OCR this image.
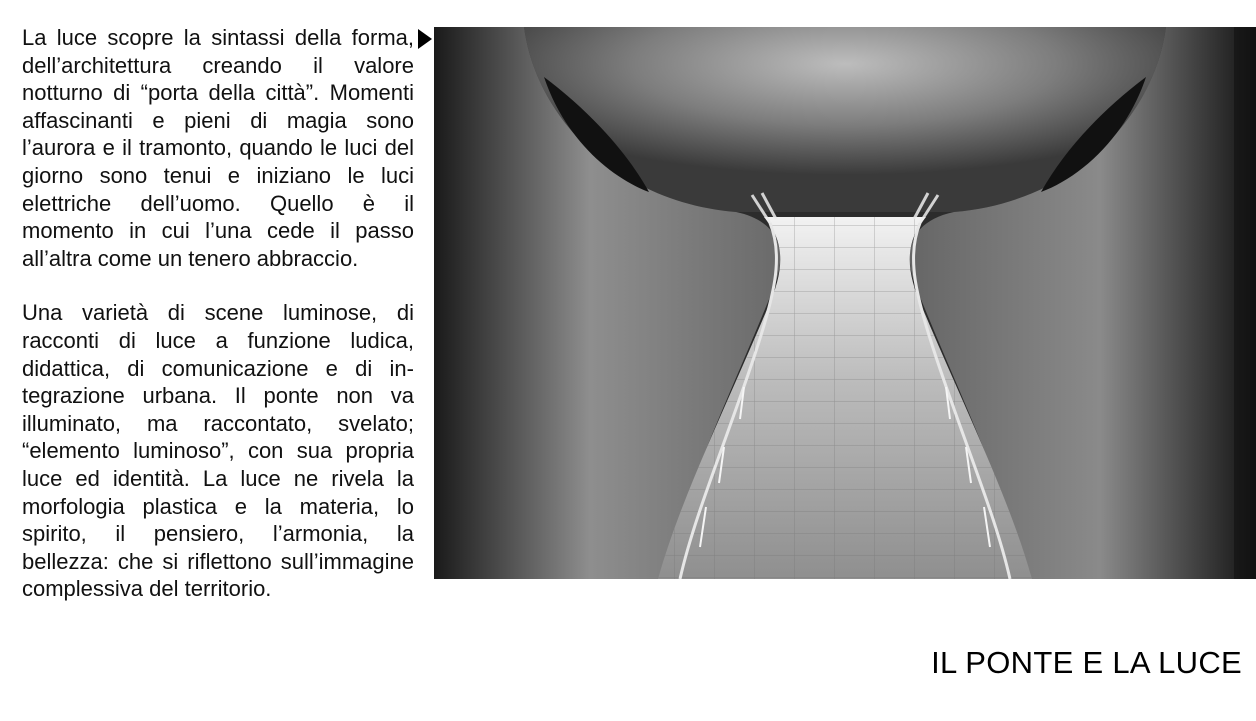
La luce scopre la sintassi della forma, dell’architettura creando il valore notturno di “porta della città”. Momenti affascinanti e pieni di magia sono l’aurora e il tramonto, quando le luci del giorno sono tenui e iniziano le luci elettriche dell’uomo. Quello è il momento in cui l’una cede il passo all’altra come un tenero abbraccio.

Una varietà di scene luminose, di racconti di luce a funzione ludica, didattica, di comunicazione e di integrazione urbana. Il ponte non va illuminato, ma raccontato, svelato; “elemento luminoso”, con sua propria luce ed identità. La luce ne rivela la morfologia plastica e la materia, lo spirito, il pensiero, l’armonia, la bellezza: che si riflettono sull’immagine complessiva del territorio.

IL PONTE E LA LUCE
